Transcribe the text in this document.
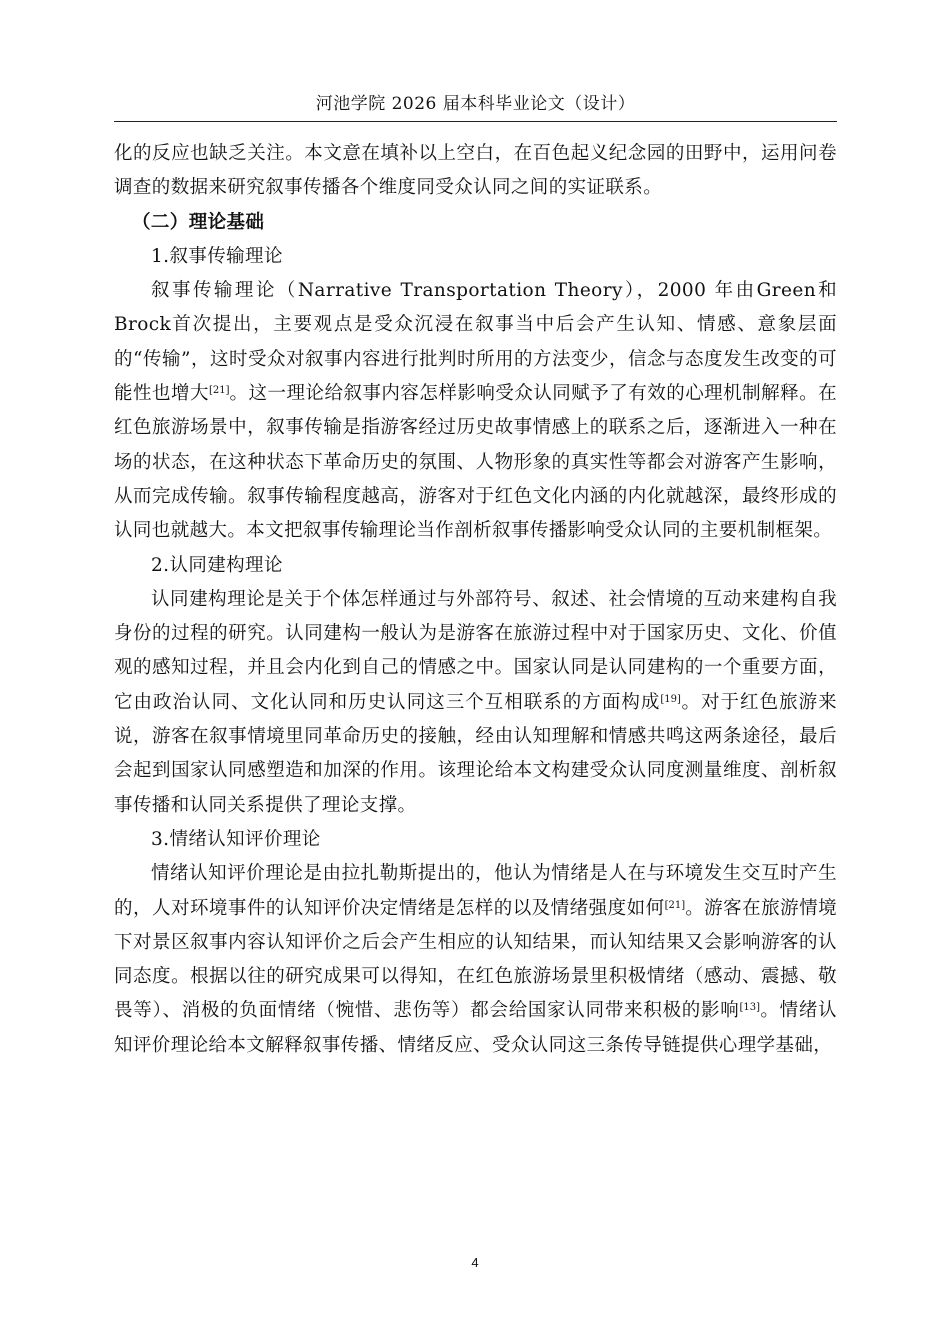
河池学院 2026 届本科毕业论文（设计）

化的反应也缺乏关注。本文意在填补以上空白，在百色起义纪念园的田野中，运用问卷调查的数据来研究叙事传播各个维度同受众认同之间的实证联系。

（二）理论基础

1.叙事传输理论

叙事传输理论（Narrative Transportation Theory），2000 年由Green和Brock首次提出，主要观点是受众沉浸在叙事当中后会产生认知、情感、意象层面的“传输”，这时受众对叙事内容进行批判时所用的方法变少，信念与态度发生改变的可能性也增大[21]。这一理论给叙事内容怎样影响受众认同赋予了有效的心理机制解释。在红色旅游场景中，叙事传输是指游客经过历史故事情感上的联系之后，逐渐进入一种在场的状态，在这种状态下革命历史的氛围、人物形象的真实性等都会对游客产生影响，从而完成传输。叙事传输程度越高，游客对于红色文化内涵的内化就越深，最终形成的认同也就越大。本文把叙事传输理论当作剖析叙事传播影响受众认同的主要机制框架。

2.认同建构理论

认同建构理论是关于个体怎样通过与外部符号、叙述、社会情境的互动来建构自我身份的过程的研究。认同建构一般认为是游客在旅游过程中对于国家历史、文化、价值观的感知过程，并且会内化到自己的情感之中。国家认同是认同建构的一个重要方面，它由政治认同、文化认同和历史认同这三个互相联系的方面构成[19]。对于红色旅游来说，游客在叙事情境里同革命历史的接触，经由认知理解和情感共鸣这两条途径，最后会起到国家认同感塑造和加深的作用。该理论给本文构建受众认同度测量维度、剖析叙事传播和认同关系提供了理论支撑。

3.情绪认知评价理论

情绪认知评价理论是由拉扎勒斯提出的，他认为情绪是人在与环境发生交互时产生的，人对环境事件的认知评价决定情绪是怎样的以及情绪强度如何[21]。游客在旅游情境下对景区叙事内容认知评价之后会产生相应的认知结果，而认知结果又会影响游客的认同态度。根据以往的研究成果可以得知，在红色旅游场景里积极情绪（感动、震撼、敬畏等）、消极的负面情绪（惋惜、悲伤等）都会给国家认同带来积极的影响[13]。情绪认知评价理论给本文解释叙事传播、情绪反应、受众认同这三条传导链提供心理学基础，

4
